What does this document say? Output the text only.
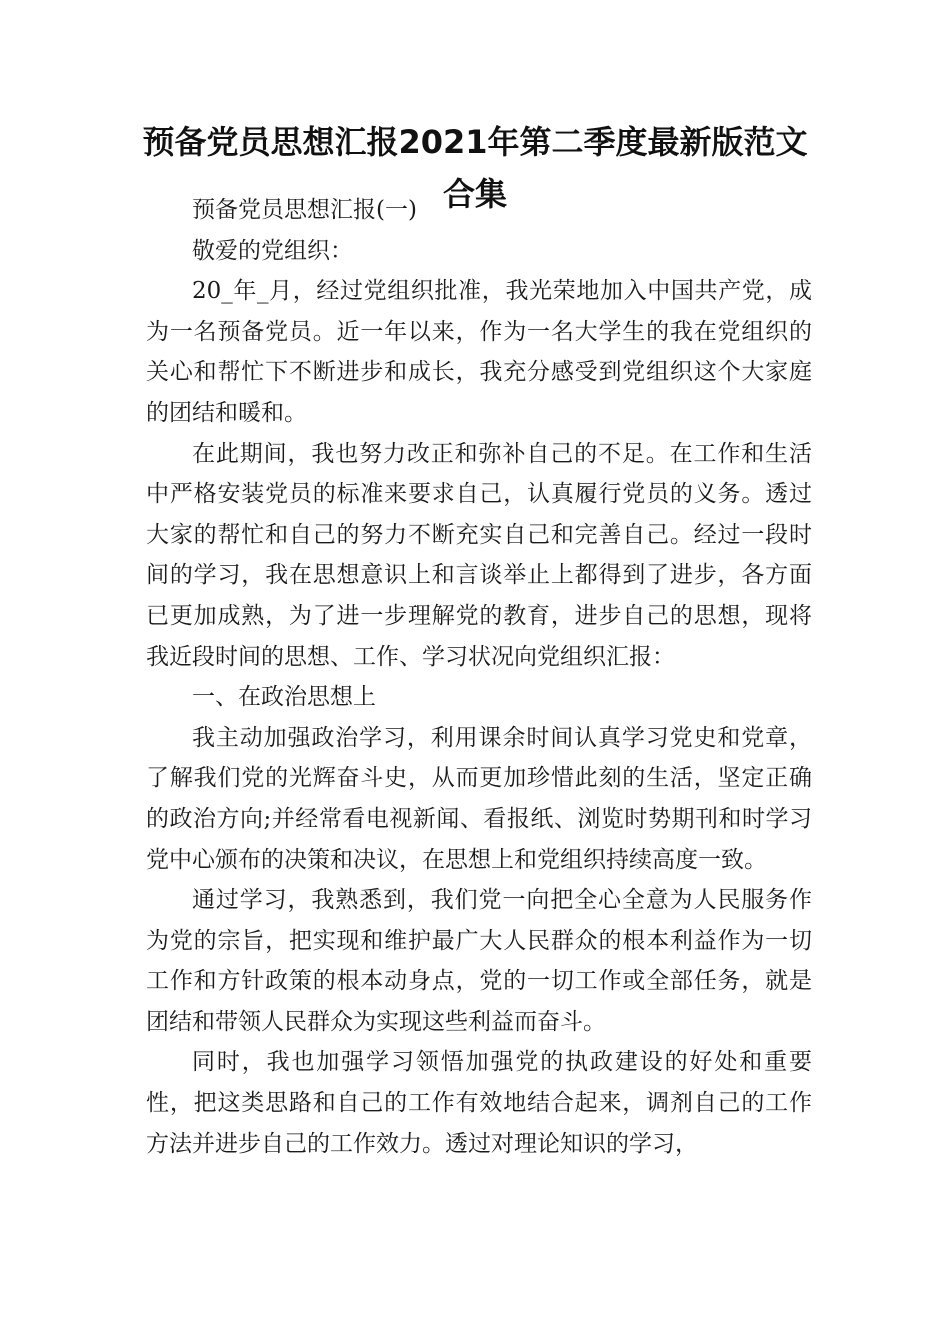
预备党员思想汇报2021年第二季度最新版范文合集

预备党员思想汇报(一)

敬爱的党组织：

20_年_月，经过党组织批准，我光荣地加入中国共产党，成为一名预备党员。近一年以来，作为一名大学生的我在党组织的关心和帮忙下不断进步和成长，我充分感受到党组织这个大家庭的团结和暖和。

在此期间，我也努力改正和弥补自己的不足。在工作和生活中严格安装党员的标准来要求自己，认真履行党员的义务。透过大家的帮忙和自己的努力不断充实自己和完善自己。经过一段时间的学习，我在思想意识上和言谈举止上都得到了进步，各方面已更加成熟，为了进一步理解党的教育，进步自己的思想，现将我近段时间的思想、工作、学习状况向党组织汇报：

一、在政治思想上

我主动加强政治学习，利用课余时间认真学习党史和党章，了解我们党的光辉奋斗史，从而更加珍惜此刻的生活，坚定正确的政治方向;并经常看电视新闻、看报纸、浏览时势期刊和时学习党中心颁布的决策和决议，在思想上和党组织持续高度一致。

通过学习，我熟悉到，我们党一向把全心全意为人民服务作为党的宗旨，把实现和维护最广大人民群众的根本利益作为一切工作和方针政策的根本动身点，党的一切工作或全部任务，就是团结和带领人民群众为实现这些利益而奋斗。

同时，我也加强学习领悟加强党的执政建设的好处和重要性，把这类思路和自己的工作有效地结合起来，调剂自己的工作方法并进步自己的工作效力。透过对理论知识的学习，
